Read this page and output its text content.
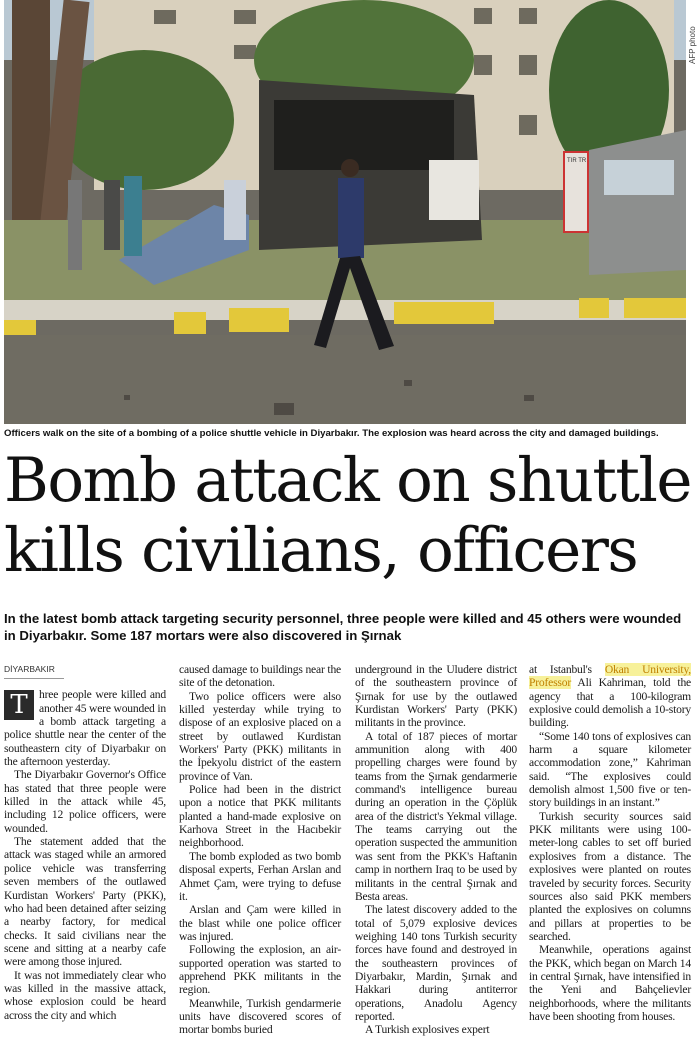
TIR TR
AFP photo
Officers walk on the site of a bombing of a police shuttle vehicle in Diyarbakır. The explosion was heard across the city and damaged buildings.
Bomb attack on shuttle kills civilians, officers

In the latest bomb attack targeting security personnel, three people were killed and 45 others were wounded in Diyarbakır. Some 187 mortars were also discovered in Şırnak

DİYARBAKIR
T hree people were killed and another 45 were wounded in a bomb attack targeting a police shuttle near the center of the southeastern city of Diyarbakır on the afternoon yesterday.

The Diyarbakır Governor's Office has stated that three people were killed in the attack while 45, including 12 police officers, were wounded.

The statement added that the attack was staged while an armored police vehicle was transferring seven members of the outlawed Kurdistan Workers' Party (PKK), who had been detained after seizing a nearby factory, for medical checks. It said civilians near the scene and sitting at a nearby cafe were among those injured.

It was not immediately clear who was killed in the massive attack, whose explosion could be heard across the city and which

caused damage to buildings near the site of the detonation.

Two police officers were also killed yesterday while trying to dispose of an explosive placed on a street by outlawed Kurdistan Workers' Party (PKK) militants in the İpekyolu district of the eastern province of Van.

Police had been in the district upon a notice that PKK militants planted a hand-made explosive on Karhova Street in the Hacıbekir neighborhood.

The bomb exploded as two bomb disposal experts, Ferhan Arslan and Ahmet Çam, were trying to defuse it.

Arslan and Çam were killed in the blast while one police officer was injured.

Following the explosion, an air-supported operation was started to apprehend PKK militants in the region.

Meanwhile, Turkish gendarmerie units have discovered scores of mortar bombs buried

underground in the Uludere district of the southeastern province of Şırnak for use by the outlawed Kurdistan Workers' Party (PKK) militants in the province.

A total of 187 pieces of mortar ammunition along with 400 propelling charges were found by teams from the Şırnak gendarmerie command's intelligence bureau during an operation in the Çöplük area of the district's Yekmal village. The teams carrying out the operation suspected the ammunition was sent from the PKK's Haftanin camp in northern Iraq to be used by militants in the central Şırnak and Besta areas.

The latest discovery added to the total of 5,079 explosive devices weighing 140 tons Turkish security forces have found and destroyed in the southeastern provinces of Diyarbakır, Mardin, Şırnak and Hakkari during antiterror operations, Anadolu Agency reported.

A Turkish explosives expert

at Istanbul's Okan University, Professor Ali Kahriman, told the agency that a 100-kilogram explosive could demolish a 10-story building.

“Some 140 tons of explosives can harm a square kilometer accommodation zone,” Kahriman said. “The explosives could demolish almost 1,500 five or ten-story buildings in an instant.”

Turkish security sources said PKK militants were using 100-meter-long cables to set off buried explosives from a distance. The explosives were planted on routes traveled by security forces. Security sources also said PKK members planted the explosives on columns and pillars at properties to be searched.

Meanwhile, operations against the PKK, which began on March 14 in central Şırnak, have intensified in the Yeni and Bahçelievler neighborhoods, where the militants have been shooting from houses.
